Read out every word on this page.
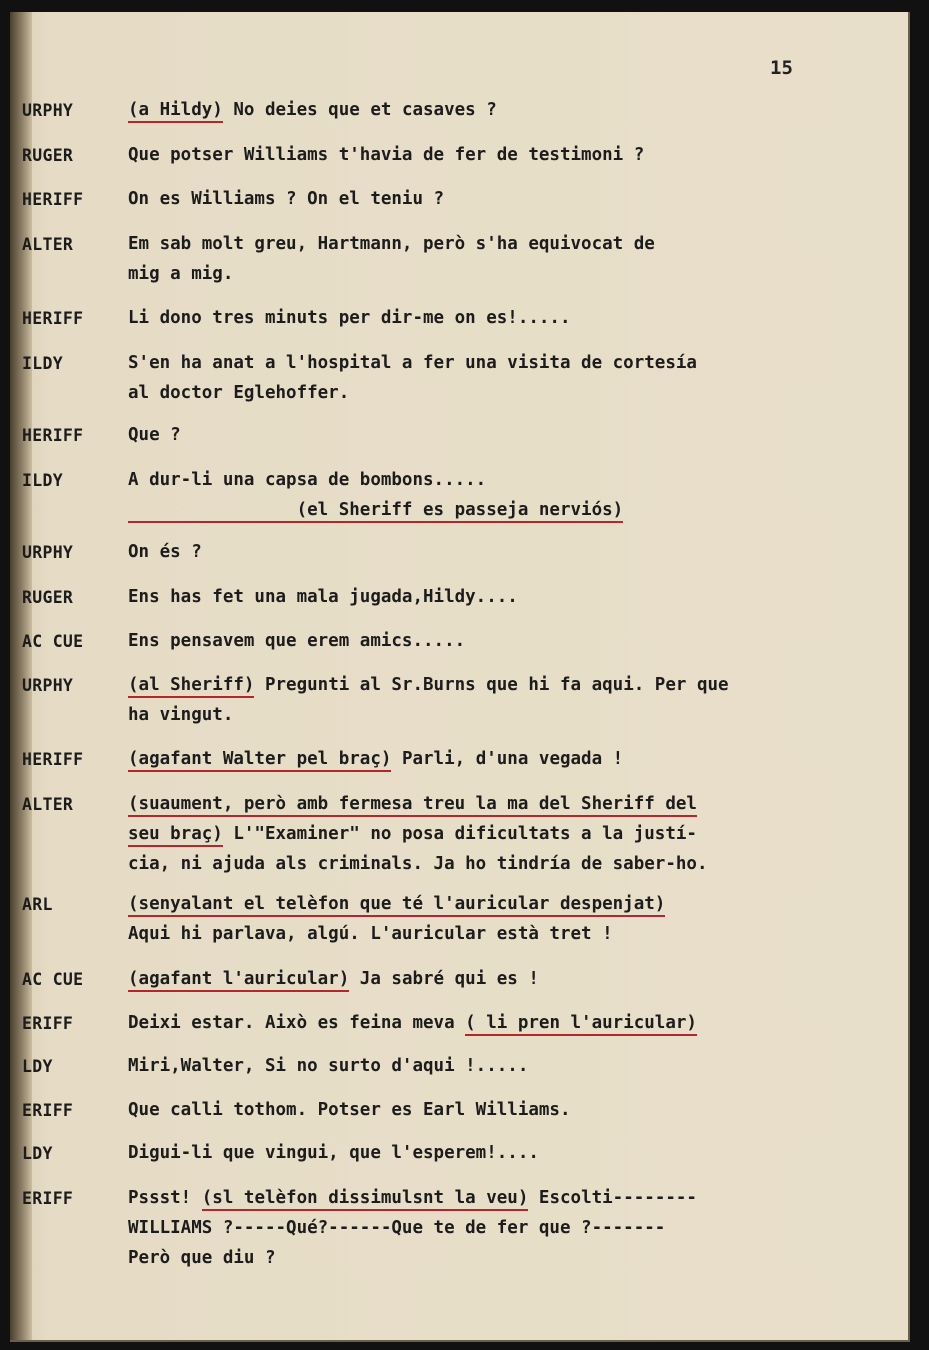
15
URPHY	(a Hildy) No deies que et casaves ?
RUGER	Que potser Williams t'havia de fer de testimoni ?
HERIFF	On es Williams ? On el teniu ?
ALTER	Em sab molt greu, Hartmann, però s'ha equivocat de
mig a mig.
HERIFF	Li dono tres minuts per dir-me on es!.....
ILDY	S'en ha anat a l'hospital a fer una visita de cortesía
al doctor Eglehoffer.
HERIFF	Que ?
ILDY	A dur-li una capsa de bombons.....
(el Sheriff es passeja nerviós)
URPHY	On és ?
RUGER	Ens has fet una mala jugada,Hildy....
AC CUE	Ens pensavem que erem amics.....
URPHY	(al Sheriff) Pregunti al Sr.Burns que hi fa aqui. Per que
ha vingut.
HERIFF	(agafant Walter pel braç) Parli, d'una vegada !
ALTER	(suaument, però amb fermesa treu la ma del Sheriff del
seu braç) L'"Examiner" no posa dificultats a la justí-
cia, ni ajuda als criminals. Ja ho tindría de saber-ho.
ARL	(senyalant el telèfon que té l'auricular despenjat)
Aqui hi parlava, algú. L'auricular està tret !
AC CUE	(agafant l'auricular) Ja sabré qui es !
ERIFF	Deixi estar. Això es feina meva ( li pren l'auricular)
LDY	Miri,Walter, Si no surto d'aqui !.....
ERIFF	Que calli tothom. Potser es Earl Williams.
LDY	Digui-li que vingui, que l'esperem!....
ERIFF	Pssst! (sl telèfon dissimulsnt la veu) Escolti--------
WILLIAMS ?-----Qué?------Que te de fer que ?-------
Però que diu ?
